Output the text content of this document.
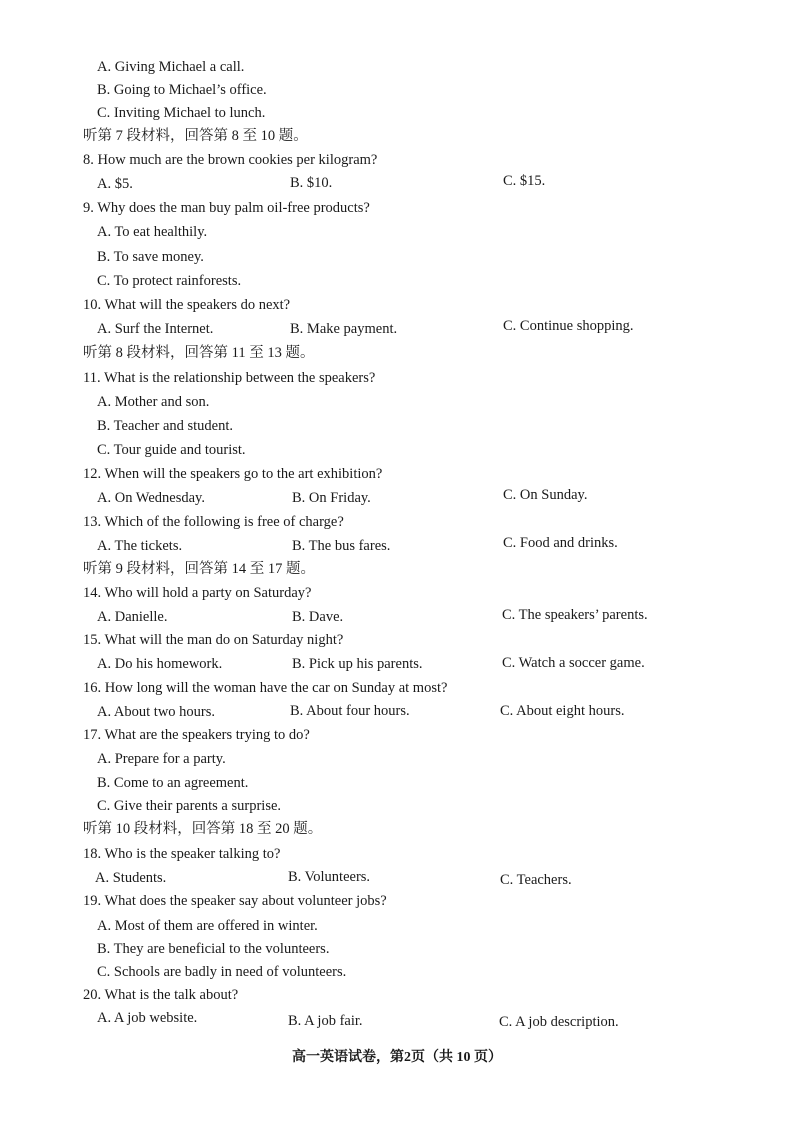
A. Giving Michael a call.
B. Going to Michael’s office.
C. Inviting Michael to lunch.
听第 7 段材料，回答第 8 至 10 题。
8. How much are the brown cookies per kilogram?
A. $5.	B. $10.	C. $15.
9. Why does the man buy palm oil-free products?
A. To eat healthily.
B. To save money.
C. To protect rainforests.
10. What will the speakers do next?
A. Surf the Internet.	B. Make payment.	C. Continue shopping.
听第 8 段材料，回答第 11 至 13 题。
11. What is the relationship between the speakers?
A. Mother and son.
B. Teacher and student.
C. Tour guide and tourist.
12. When will the speakers go to the art exhibition?
A. On Wednesday.	B. On Friday.	C. On Sunday.
13. Which of the following is free of charge?
A. The tickets.	B. The bus fares.	C. Food and drinks.
听第 9 段材料，回答第 14 至 17 题。
14. Who will hold a party on Saturday?
A. Danielle.	B. Dave.	C. The speakers’ parents.
15. What will the man do on Saturday night?
A. Do his homework.	B. Pick up his parents.	C. Watch a soccer game.
16. How long will the woman have the car on Sunday at most?
A. About two hours.	B. About four hours.	C. About eight hours.
17. What are the speakers trying to do?
A. Prepare for a party.
B. Come to an agreement.
C. Give their parents a surprise.
听第 10 段材料，回答第 18 至 20 题。
18. Who is the speaker talking to?
A. Students.	B. Volunteers.	C. Teachers.
19. What does the speaker say about volunteer jobs?
A. Most of them are offered in winter.
B. They are beneficial to the volunteers.
C. Schools are badly in need of volunteers.
20. What is the talk about?
A. A job website.	B. A job fair.	C. A job description.
高一英语试卷，第2页（共 10 页）
